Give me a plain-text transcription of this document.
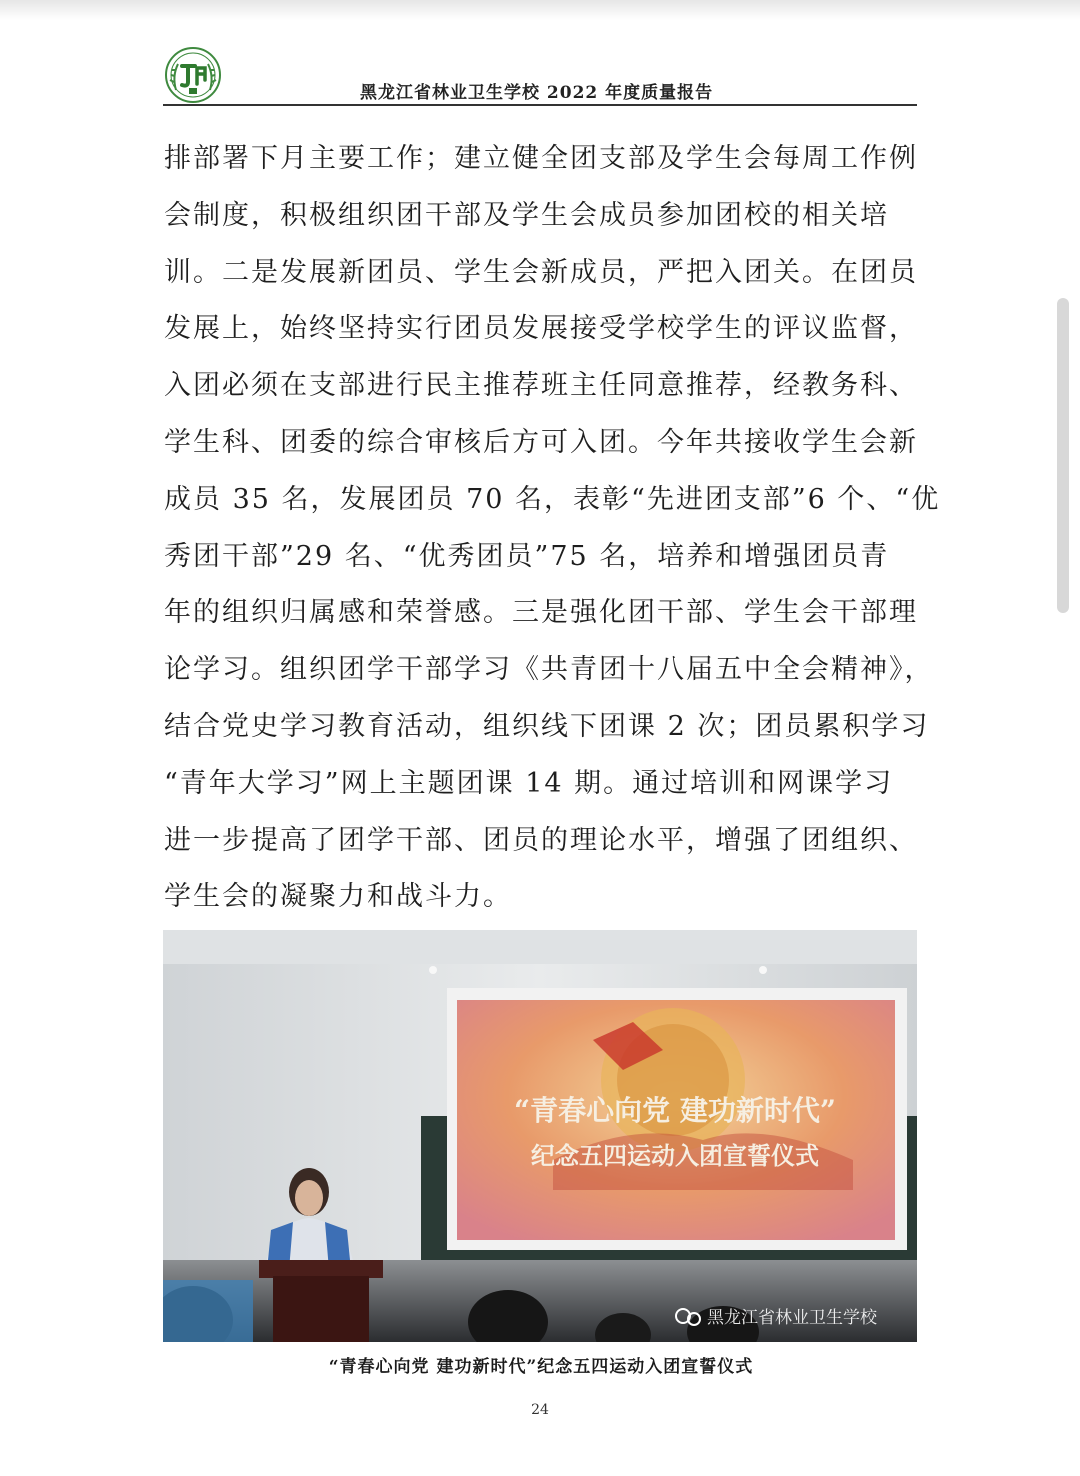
黑龙江省林业卫生学校 2022 年度质量报告
排部署下月主要工作；建立健全团支部及学生会每周工作例
会制度，积极组织团干部及学生会成员参加团校的相关培
训。二是发展新团员、学生会新成员，严把入团关。在团员
发展上，始终坚持实行团员发展接受学校学生的评议监督，
入团必须在支部进行民主推荐班主任同意推荐，经教务科、
学生科、团委的综合审核后方可入团。今年共接收学生会新
成员 35 名，发展团员 70 名，表彰“先进团支部”6 个、“优
秀团干部”29 名、“优秀团员”75 名，培养和增强团员青
年的组织归属感和荣誉感。三是强化团干部、学生会干部理
论学习。组织团学干部学习《共青团十八届五中全会精神》，
结合党史学习教育活动，组织线下团课 2 次；团员累积学习
“青年大学习”网上主题团课 14 期。通过培训和网课学习
进一步提高了团学干部、团员的理论水平，增强了团组织、
学生会的凝聚力和战斗力。
“青春心向党 建功新时代”
纪念五四运动入团宣誓仪式
黑龙江省林业卫生学校
“青春心向党 建功新时代”纪念五四运动入团宣誓仪式
24
